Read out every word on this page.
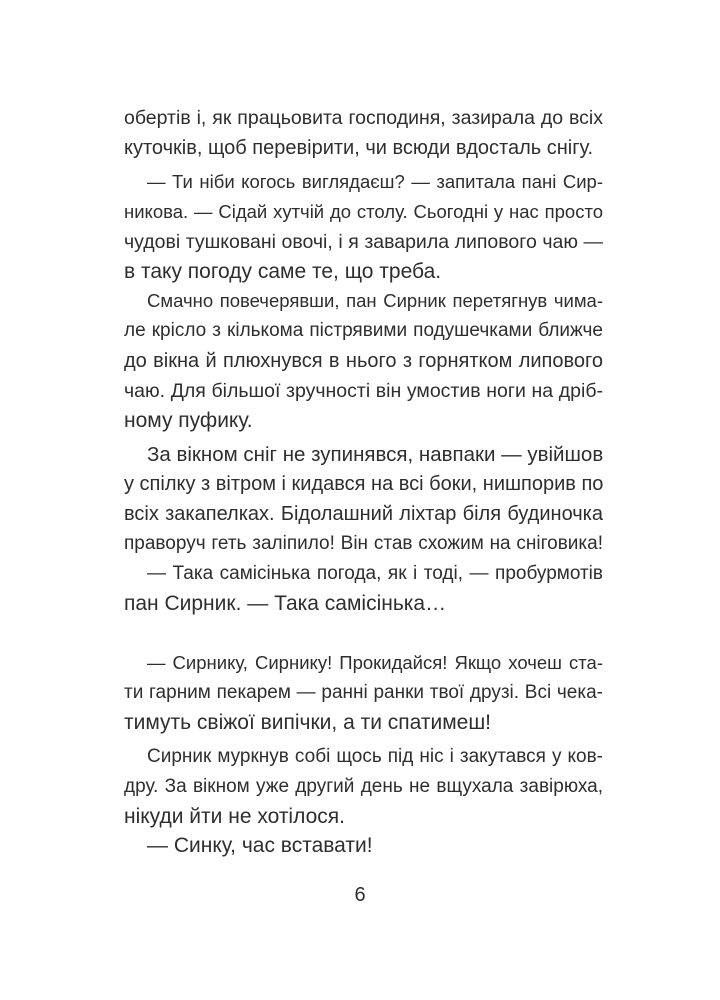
обертів і, як працьовита господиня, зазирала до всіх
куточків, щоб перевірити, чи всюди вдосталь снігу.
— Ти ніби когось виглядаєш? — запитала пані Сир-
никова. — Сідай хутчій до столу. Сьогодні у нас просто
чудові тушковані овочі, і я заварила липового чаю —
в таку погоду саме те, що треба.
Смачно повечерявши, пан Сирник перетягнув чима-
ле крісло з кількома пістрявими подушечками ближче
до вікна й плюхнувся в нього з горнятком липового
чаю. Для більшої зручності він умостив ноги на дріб-
ному пуфику.
За вікном сніг не зупинявся, навпаки — увійшов
у спілку з вітром і кидався на всі боки, нишпорив по
всіх закапелках. Бідолашний ліхтар біля будиночка
праворуч геть заліпило! Він став схожим на сніговика!
— Така самісінька погода, як і тоді, — пробурмотів
пан Сирник. — Така самісінька…
— Сирнику, Сирнику! Прокидайся! Якщо хочеш ста-
ти гарним пекарем — ранні ранки твої друзі. Всі чека-
тимуть свіжої випічки, а ти спатимеш!
Сирник муркнув собі щось під ніс і закутався у ков-
дру. За вікном уже другий день не вщухала завірюха,
нікуди йти не хотілося.
— Синку, час вставати!
6
